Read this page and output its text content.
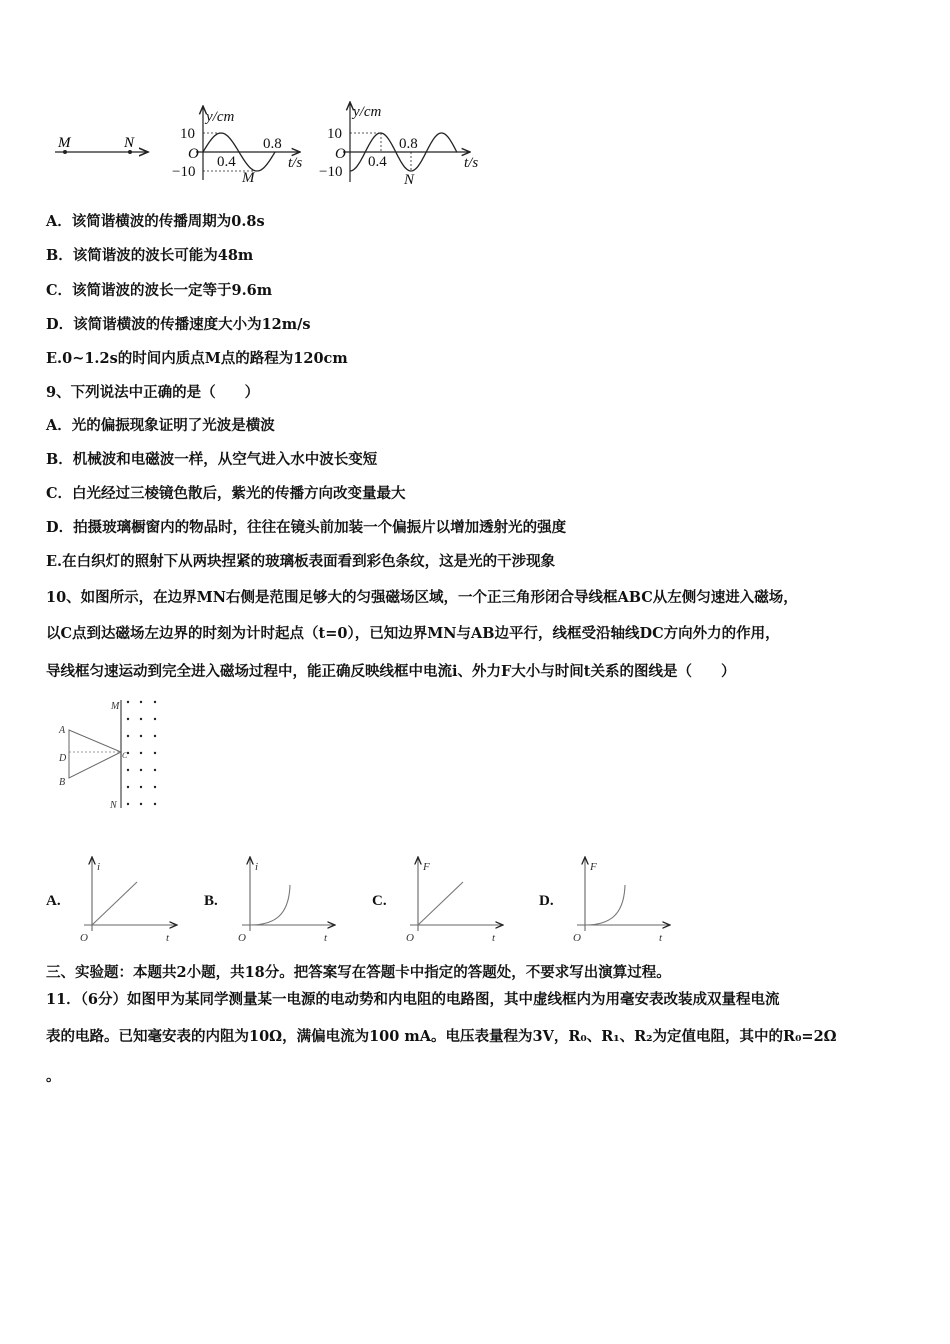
M	N
y/cm
10
O
−10
0.4
0.8
t/s
M
y/cm
10
O
−10
0.4
0.8
t/s
N
A
D
B
C
M
N
A.
i
O	t
B.
i
O	t
C.
F
O	t
D.
F
O	t
A．该简谐横波的传播周期为0.8s
B．该简谐波的波长可能为48m
C．该简谐波的波长一定等于9.6m
D．该简谐横波的传播速度大小为12m/s
E.0~1.2s的时间内质点M点的路程为120cm
9、下列说法中正确的是（　　）
A．光的偏振现象证明了光波是横波
B．机械波和电磁波一样，从空气进入水中波长变短
C．白光经过三棱镜色散后，紫光的传播方向改变量最大
D．拍摄玻璃橱窗内的物品时，往往在镜头前加装一个偏振片以增加透射光的强度
E.在白织灯的照射下从两块捏紧的玻璃板表面看到彩色条纹，这是光的干涉现象
10、如图所示，在边界MN右侧是范围足够大的匀强磁场区域，一个正三角形闭合导线框ABC从左侧匀速进入磁场，
以C点到达磁场左边界的时刻为计时起点（t=0），已知边界MN与AB边平行，线框受沿轴线DC方向外力的作用，
导线框匀速运动到完全进入磁场过程中，能正确反映线框中电流i、外力F大小与时间t关系的图线是（　　）
三、实验题：本题共2小题，共18分。把答案写在答题卡中指定的答题处，不要求写出演算过程。
11．（6分）如图甲为某同学测量某一电源的电动势和内电阻的电路图，其中虚线框内为用毫安表改装成双量程电流
表的电路。已知毫安表的内阻为10Ω，满偏电流为100 mA。电压表量程为3V，R₀、R₁、R₂为定值电阻，其中的R₀=2Ω
。
